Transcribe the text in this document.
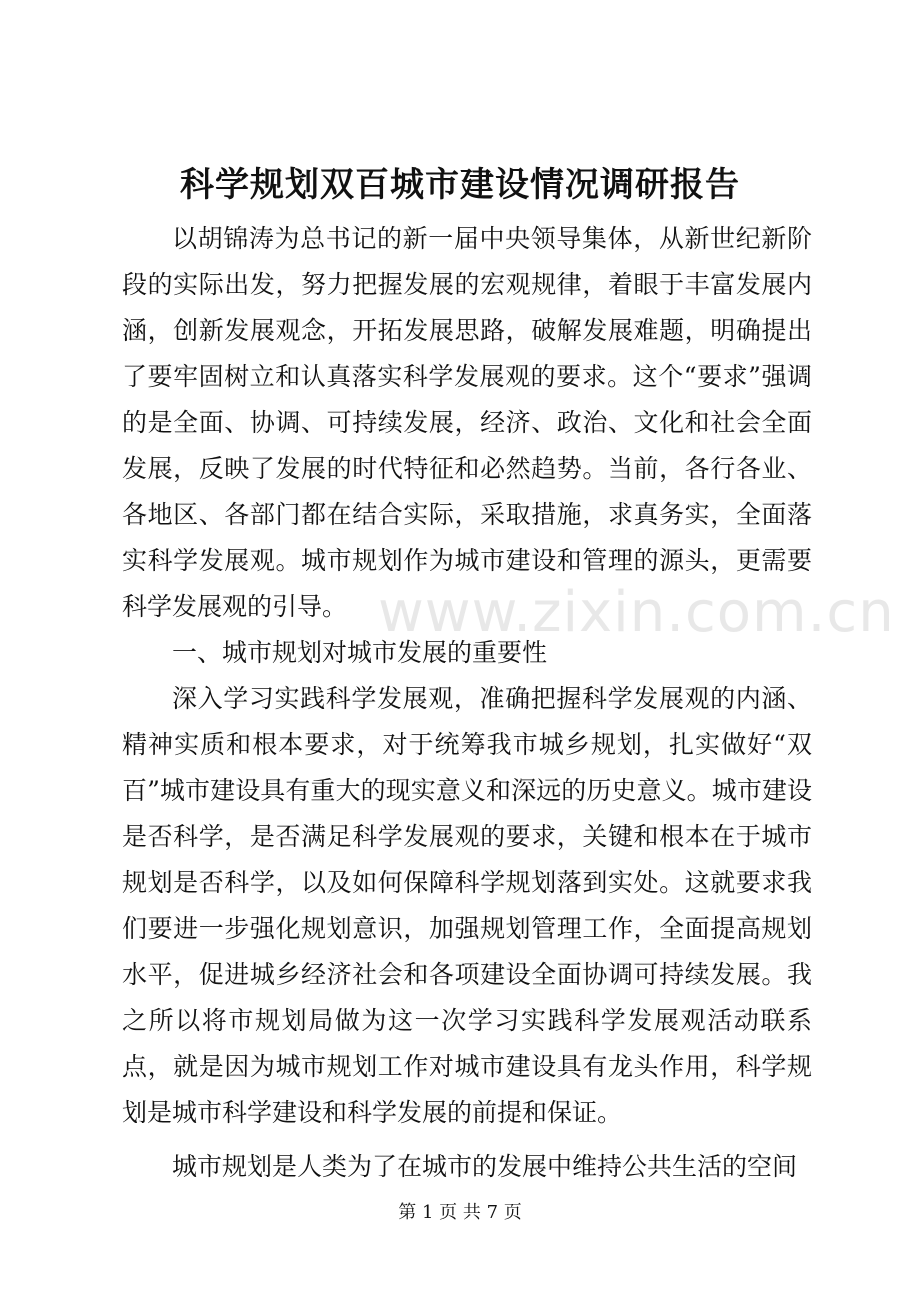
科学规划双百城市建设情况调研报告

以胡锦涛为总书记的新一届中央领导集体，从新世纪新阶段的实际出发，努力把握发展的宏观规律，着眼于丰富发展内涵，创新发展观念，开拓发展思路，破解发展难题，明确提出了要牢固树立和认真落实科学发展观的要求。这个“要求”强调的是全面、协调、可持续发展，经济、政治、文化和社会全面发展，反映了发展的时代特征和必然趋势。当前，各行各业、各地区、各部门都在结合实际，采取措施，求真务实，全面落实科学发展观。城市规划作为城市建设和管理的源头，更需要科学发展观的引导。

一、城市规划对城市发展的重要性

深入学习实践科学发展观，准确把握科学发展观的内涵、精神实质和根本要求，对于统筹我市城乡规划，扎实做好“双百”城市建设具有重大的现实意义和深远的历史意义。城市建设是否科学，是否满足科学发展观的要求，关键和根本在于城市规划是否科学，以及如何保障科学规划落到实处。这就要求我们要进一步强化规划意识，加强规划管理工作，全面提高规划水平，促进城乡经济社会和各项建设全面协调可持续发展。我之所以将市规划局做为这一次学习实践科学发展观活动联系点，就是因为城市规划工作对城市建设具有龙头作用，科学规划是城市科学建设和科学发展的前提和保证。

城市规划是人类为了在城市的发展中维持公共生活的空间

www.zixin.com.cn
第 1 页 共 7 页
